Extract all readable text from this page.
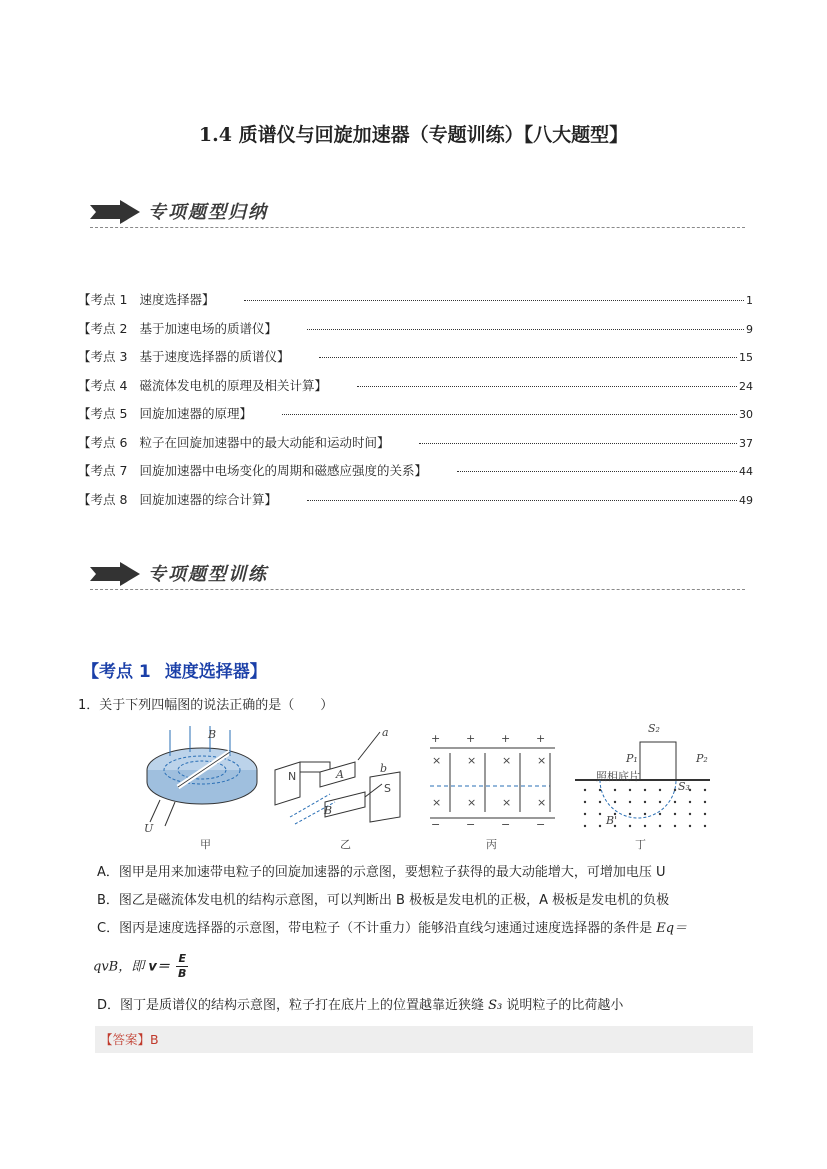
1.4 质谱仪与回旋加速器（专题训练）【八大题型】
专项题型归纳
【考点 1 速度选择器】	1
【考点 2 基于加速电场的质谱仪】	9
【考点 3 基于速度选择器的质谱仪】	15
【考点 4 磁流体发电机的原理及相关计算】	24
【考点 5 回旋加速器的原理】	30
【考点 6 粒子在回旋加速器中的最大动能和运动时间】	37
【考点 7 回旋加速器中电场变化的周期和磁感应强度的关系】	44
【考点 8 回旋加速器的综合计算】	49
专项题型训练
【考点 1 速度选择器】
1．关于下列四幅图的说法正确的是（　　）
B
U
甲
N	A
S
a
b
B
乙
+ + + +
× × × ×
× × × ×
− − − −
丙
S₂
P₁	P₂
照相底片
S₃
B'
丁
A．图甲是用来加速带电粒子的回旋加速器的示意图，要想粒子获得的最大动能增大，可增加电压 U
B．图乙是磁流体发电机的结构示意图，可以判断出 B 极板是发电机的正极，A 极板是发电机的负极
C．图丙是速度选择器的示意图，带电粒子（不计重力）能够沿直线匀速通过速度选择器的条件是 Eq＝
qvB，即 $v= \frac{E}{B}$
D．图丁是质谱仪的结构示意图，粒子打在底片上的位置越靠近狭缝 S₃ 说明粒子的比荷越小
【答案】B
